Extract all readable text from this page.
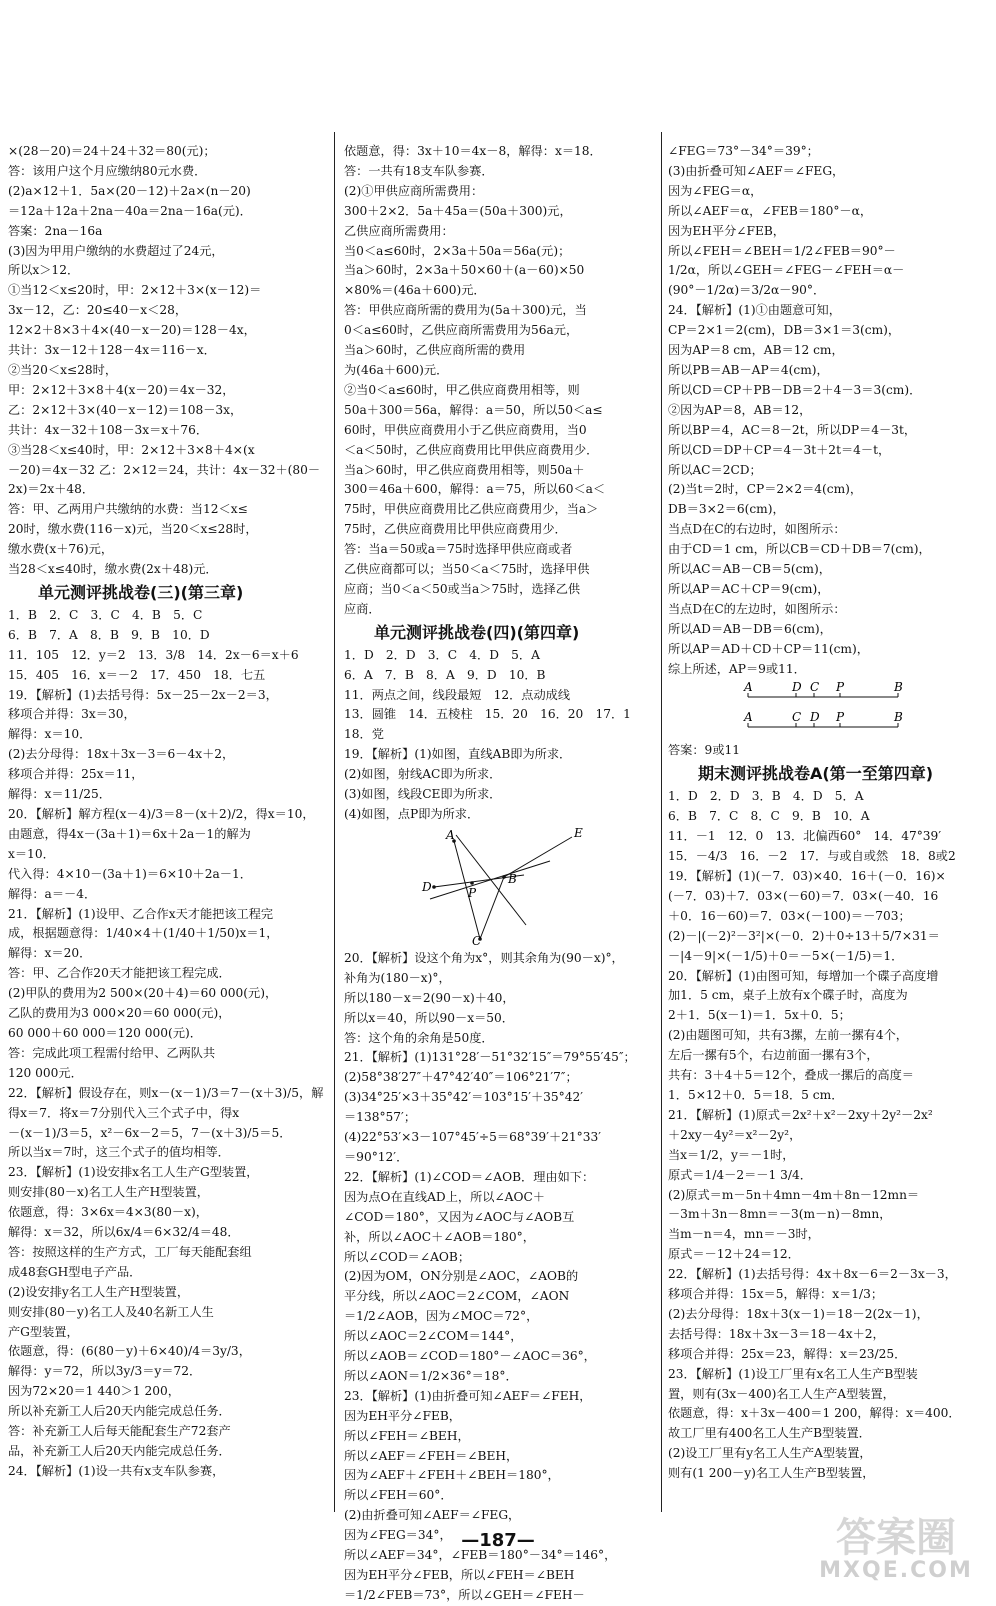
×(28－20)＝24＋24＋32＝80(元)；
答：该用户这个月应缴纳80元水费．
(2)a×12＋1．5a×(20－12)＋2a×(n－20)
＝12a＋12a＋2na－40a＝2na－16a(元)．
答案：2na－16a
(3)因为甲用户缴纳的水费超过了24元，
所以x＞12．
①当12＜x≤20时，甲：2×12＋3×(x－12)＝
3x－12，乙：20≤40－x＜28，
12×2＋8×3＋4×(40－x－20)＝128－4x，
共计：3x－12＋128－4x＝116－x．
②当20＜x≤28时，
甲：2×12＋3×8＋4(x－20)＝4x－32，
乙：2×12＋3×(40－x－12)＝108－3x，
共计：4x－32＋108－3x＝x＋76．
③当28＜x≤40时，甲：2×12＋3×8＋4×(x
－20)＝4x－32 乙：2×12＝24，共计：4x－32＋(80－
2x)＝2x＋48．
答：甲、乙两用户共缴纳的水费：当12＜x≤
20时，缴水费(116－x)元，当20＜x≤28时，
缴水费(x＋76)元，
当28＜x≤40时，缴水费(2x＋48)元．
单元测评挑战卷(三)(第三章)
1．B　2．C　3．C　4．B　5．C
6．B　7．A　8．B　9．B　10．D
11．105　12．y＝2　13．3/8　14．2x－6＝x＋6
15．405　16．x＝－2　17．450　18．七五
19．【解析】(1)去括号得：5x－25－2x－2＝3，
移项合并得：3x＝30，
解得：x＝10．
(2)去分母得：18x＋3x－3＝6－4x＋2，
移项合并得：25x＝11，
解得：x＝11/25．
20．【解析】解方程(x－4)/3＝8－(x＋2)/2，得x＝10，
由题意，得4x－(3a＋1)＝6x＋2a－1的解为
x＝10．
代入得：4×10－(3a＋1)＝6×10＋2a－1．
解得：a＝－4．
21．【解析】(1)设甲、乙合作x天才能把该工程完
成，根据题意得：1/40×4＋(1/40＋1/50)x＝1，
解得：x＝20．
答：甲、乙合作20天才能把该工程完成．
(2)甲队的费用为2 500×(20＋4)＝60 000(元)，
乙队的费用为3 000×20＝60 000(元)，
60 000＋60 000＝120 000(元)．
答：完成此项工程需付给甲、乙两队共
120 000元．
22．【解析】假设存在，则x－(x－1)/3＝7－(x＋3)/5，解
得x＝7．将x＝7分别代入三个式子中，得x
－(x－1)/3＝5，x²－6x－2＝5，7－(x＋3)/5＝5．
所以当x＝7时，这三个式子的值均相等．
23．【解析】(1)设安排x名工人生产G型装置，
则安排(80－x)名工人生产H型装置，
依题意，得：3×6x＝4×3(80－x)，
解得：x＝32，所以6x/4＝6×32/4＝48．
答：按照这样的生产方式，工厂每天能配套组
成48套GH型电子产品．
(2)设安排y名工人生产H型装置，
则安排(80－y)名工人及40名新工人生
产G型装置，
依题意，得：(6(80－y)＋6×40)/4＝3y/3，
解得：y＝72，所以3y/3＝y＝72．
因为72×20＝1 440＞1 200，
所以补充新工人后20天内能完成总任务．
答：补充新工人后每天能配套生产72套产
品，补充新工人后20天内能完成总任务．
24．【解析】(1)设一共有x支车队参赛，
依题意，得：3x＋10＝4x－8，解得：x＝18．
答：一共有18支车队参赛．
(2)①甲供应商所需费用：
300＋2×2．5a＋45a＝(50a＋300)元，
乙供应商所需费用：
当0＜a≤60时，2×3a＋50a＝56a(元)；
当a＞60时，2×3a＋50×60＋(a－60)×50
×80%＝(46a＋600)元．
答：甲供应商所需的费用为(5a＋300)元，当
0＜a≤60时，乙供应商所需费用为56a元，
当a＞60时，乙供应商所需的费用
为(46a＋600)元．
②当0＜a≤60时，甲乙供应商费用相等，则
50a＋300＝56a，解得：a＝50，所以50＜a≤
60时，甲供应商费用小于乙供应商费用，当0
＜a＜50时，乙供应商费用比甲供应商费用少．
当a＞60时，甲乙供应商费用相等，则50a＋
300＝46a＋600，解得：a＝75，所以60＜a＜
75时，甲供应商费用比乙供应商费用少，当a＞
75时，乙供应商费用比甲供应商费用少．
答：当a＝50或a＝75时选择甲供应商或者
乙供应商都可以；当50＜a＜75时，选择甲供
应商；当0＜a＜50或当a＞75时，选择乙供
应商．
单元测评挑战卷(四)(第四章)
1．D　2．D　3．C　4．D　5．A
6．A　7．B　8．A　9．D　10．B
11．两点之间，线段最短　12．点动成线
13．圆锥　14．五棱柱　15．20　16．20　17．1
18．党
19．【解析】(1)如图，直线AB即为所求．
(2)如图，射线AC即为所求．
(3)如图，线段CE即为所求．
(4)如图，点P即为所求．
A	E
B
D	P
C
20．【解析】设这个角为x°，则其余角为(90－x)°，
补角为(180－x)°，
所以180－x＝2(90－x)＋40，
所以x＝40，所以90－x＝50．
答：这个角的余角是50度．
21．【解析】(1)131°28′－51°32′15″＝79°55′45″；
(2)58°38′27″＋47°42′40″＝106°21′7″；
(3)34°25′×3＋35°42′＝103°15′＋35°42′
＝138°57′；
(4)22°53′×3－107°45′÷5＝68°39′＋21°33′
＝90°12′．
22．【解析】(1)∠COD＝∠AOB．理由如下：
因为点O在直线AD上，所以∠AOC＋
∠COD＝180°，又因为∠AOC与∠AOB互
补，所以∠AOC＋∠AOB＝180°，
所以∠COD＝∠AOB；
(2)因为OM，ON分别是∠AOC，∠AOB的
平分线，所以∠AOC＝2∠COM，∠AON
＝1/2∠AOB，因为∠MOC＝72°，
所以∠AOC＝2∠COM＝144°，
所以∠AOB＝∠COD＝180°－∠AOC＝36°，
所以∠AON＝1/2×36°＝18°．
23．【解析】(1)由折叠可知∠AEF＝∠FEH，
因为EH平分∠FEB，
所以∠FEH＝∠BEH，
所以∠AEF＝∠FEH＝∠BEH，
因为∠AEF＋∠FEH＋∠BEH＝180°，
所以∠FEH＝60°．
(2)由折叠可知∠AEF＝∠FEG，
因为∠FEG＝34°，
所以∠AEF＝34°，∠FEB＝180°－34°＝146°，
因为EH平分∠FEB，所以∠FEH＝∠BEH
＝1/2∠FEB＝73°，所以∠GEH＝∠FEH－
∠FEG＝73°－34°＝39°；
(3)由折叠可知∠AEF＝∠FEG，
因为∠FEG＝α，
所以∠AEF＝α，∠FEB＝180°－α，
因为EH平分∠FEB，
所以∠FEH＝∠BEH＝1/2∠FEB＝90°－
1/2α，所以∠GEH＝∠FEG－∠FEH＝α－
(90°－1/2α)＝3/2α－90°．
24．【解析】(1)①由题意可知，
CP＝2×1＝2(cm)，DB＝3×1＝3(cm)，
因为AP＝8 cm，AB＝12 cm，
所以PB＝AB－AP＝4(cm)，
所以CD＝CP＋PB－DB＝2＋4－3＝3(cm)．
②因为AP＝8，AB＝12，
所以BP＝4，AC＝8－2t，所以DP＝4－3t，
所以CD＝DP＋CP＝4－3t＋2t＝4－t，
所以AC＝2CD；
(2)当t＝2时，CP＝2×2＝4(cm)，
DB＝3×2＝6(cm)，
当点D在C的右边时，如图所示：
由于CD＝1 cm，所以CB＝CD＋DB＝7(cm)，
所以AC＝AB－CB＝5(cm)，
所以AP＝AC＋CP＝9(cm)，
当点D在C的左边时，如图所示：
所以AD＝AB－DB＝6(cm)，
所以AP＝AD＋CD＋CP＝11(cm)，
综上所述，AP＝9或11．
A	D C P	B
A	C D P	B
答案：9或11
期末测评挑战卷A(第一至第四章)
1．D　2．D　3．B　4．D　5．A
6．B　7．C　8．C　9．B　10．A
11．－1　12．0　13．北偏西60°　14．47°39′
15．－4/3　16．－2　17．与或自或然　18．8或2
19．【解析】(1)(－7．03)×40．16＋(－0．16)×
(－7．03)＋7．03×(－60)＝7．03×(－40．16
＋0．16－60)＝7．03×(－100)＝－703；
(2)－|(－2)²－3²|×(－0．2)＋0÷13＋5/7×31＝
－|4－9|×(－1/5)＋0＝－5×(－1/5)＝1．
20．【解析】(1)由图可知，每增加一个碟子高度增
加1．5 cm，桌子上放有x个碟子时，高度为
2＋1．5(x－1)＝1．5x＋0．5；
(2)由题图可知，共有3摞，左前一摞有4个，
左后一摞有5个，右边前面一摞有3个，
共有：3＋4＋5＝12个，叠成一摞后的高度＝
1．5×12＋0．5＝18．5 cm．
21．【解析】(1)原式＝2x²＋x²－2xy＋2y²－2x²
＋2xy－4y²＝x²－2y²，
当x＝1/2，y＝－1时，
原式＝1/4－2＝－1 3/4．
(2)原式＝m－5n＋4mn－4m＋8n－12mn＝
－3m＋3n－8mn＝－3(m－n)－8mn，
当m－n＝4，mn＝－3时，
原式＝－12＋24＝12．
22．【解析】(1)去括号得：4x＋8x－6＝2－3x－3，
移项合并得：15x＝5，解得：x＝1/3；
(2)去分母得：18x＋3(x－1)＝18－2(2x－1)，
去括号得：18x＋3x－3＝18－4x＋2，
移项合并得：25x＝23，解得：x＝23/25．
23．【解析】(1)设工厂里有x名工人生产B型装
置，则有(3x－400)名工人生产A型装置，
依题意，得：x＋3x－400＝1 200，解得：x＝400．
故工厂里有400名工人生产B型装置．
(2)设工厂里有y名工人生产A型装置，
则有(1 200－y)名工人生产B型装置，
—187—	答案圈
MXQE.COM
